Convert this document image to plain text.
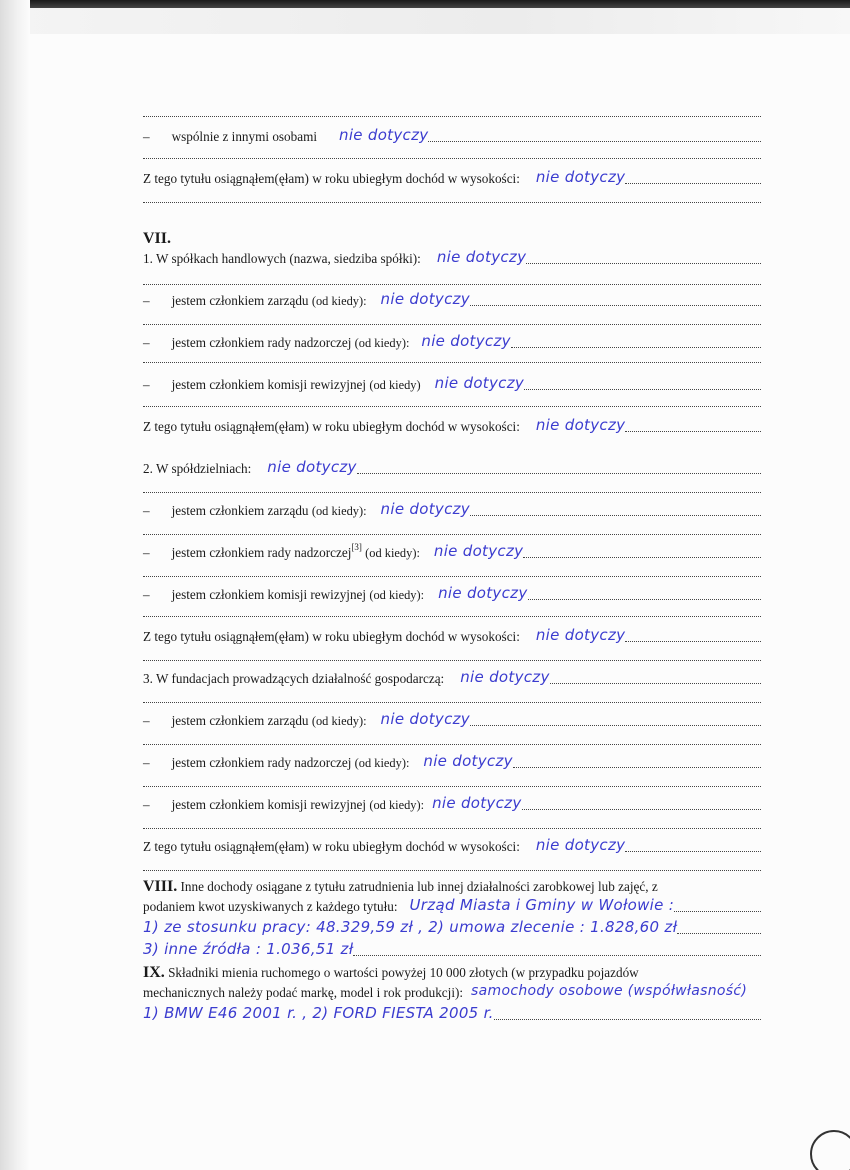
– wspólnie z innymi osobami nie dotyczy
Z tego tytułu osiągnąłem(ęłam) w roku ubiegłym dochód w wysokości: nie dotyczy
VII.
1. W spółkach handlowych (nazwa, siedziba spółki): nie dotyczy
– jestem członkiem zarządu
(od kiedy): nie dotyczy
– jestem członkiem rady nadzorczej
(od kiedy): nie dotyczy
– jestem członkiem komisji rewizyjnej
(od kiedy) nie dotyczy
Z tego tytułu osiągnąłem(ęłam) w roku ubiegłym dochód w wysokości: nie dotyczy
2. W spółdzielniach: nie dotyczy
– jestem członkiem zarządu
(od kiedy): nie dotyczy
– jestem członkiem rady nadzorczej[3]
(od kiedy): nie dotyczy
– jestem członkiem komisji rewizyjnej
(od kiedy): nie dotyczy
Z tego tytułu osiągnąłem(ęłam) w roku ubiegłym dochód w wysokości: nie dotyczy
3. W fundacjach prowadzących działalność gospodarczą: nie dotyczy
– jestem członkiem zarządu
(od kiedy): nie dotyczy
– jestem członkiem rady nadzorczej
(od kiedy): nie dotyczy
– jestem członkiem komisji rewizyjnej
(od kiedy): nie dotyczy
Z tego tytułu osiągnąłem(ęłam) w roku ubiegłym dochód w wysokości: nie dotyczy
VIII.
Inne dochody osiągane z tytułu zatrudnienia lub innej działalności zarobkowej lub zajęć, z
podaniem kwot uzyskiwanych z każdego tytułu: Urząd Miasta i Gminy w Wołowie :
1) ze stosunku pracy: 48.329,59 zł , 2) umowa zlecenie : 1.828,60 zł
3) inne źródła : 1.036,51 zł
IX.
Składniki mienia ruchomego o wartości powyżej 10 000 złotych (w przypadku pojazdów
mechanicznych należy podać markę, model i rok produkcji): samochody osobowe (współwłasność)
1) BMW E46 2001 r. , 2) FORD FIESTA 2005 r.
